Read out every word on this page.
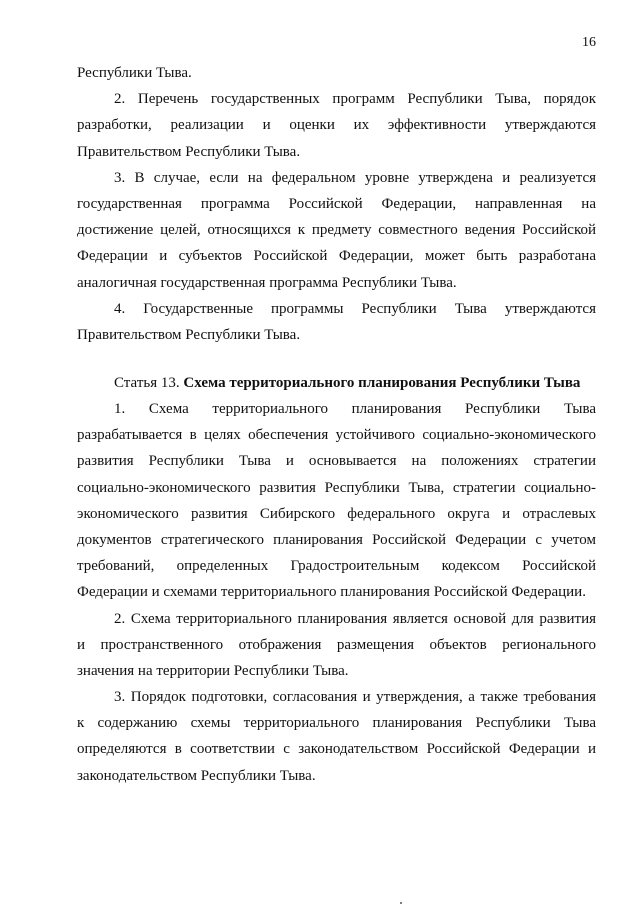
16
Республики Тыва.
2. Перечень государственных программ Республики Тыва, порядок
разработки, реализации и оценки их эффективности утверждаются
Правительством Республики Тыва.
3. В случае, если на федеральном уровне утверждена и реализуется
государственная программа Российской Федерации, направленная на
достижение целей, относящихся к предмету совместного ведения Российской
Федерации и субъектов Российской Федерации, может быть разработана
аналогичная государственная программа Республики Тыва.
4. Государственные программы Республики Тыва утверждаются
Правительством Республики Тыва.
Статья 13. Схема территориального планирования Республики Тыва
1. Схема территориального планирования Республики Тыва
разрабатывается в целях обеспечения устойчивого социально-экономического
развития Республики Тыва и основывается на положениях стратегии
социально-экономического развития Республики Тыва, стратегии социально-
экономического развития Сибирского федерального округа и отраслевых
документов стратегического планирования Российской Федерации с учетом
требований, определенных Градостроительным кодексом Российской
Федерации и схемами территориального планирования Российской Федерации.
2. Схема территориального планирования является основой для развития
и пространственного отображения размещения объектов регионального
значения на территории Республики Тыва.
3. Порядок подготовки, согласования и утверждения, а также требования
к содержанию схемы территориального планирования Республики Тыва
определяются в соответствии с законодательством Российской Федерации и
законодательством Республики Тыва.
